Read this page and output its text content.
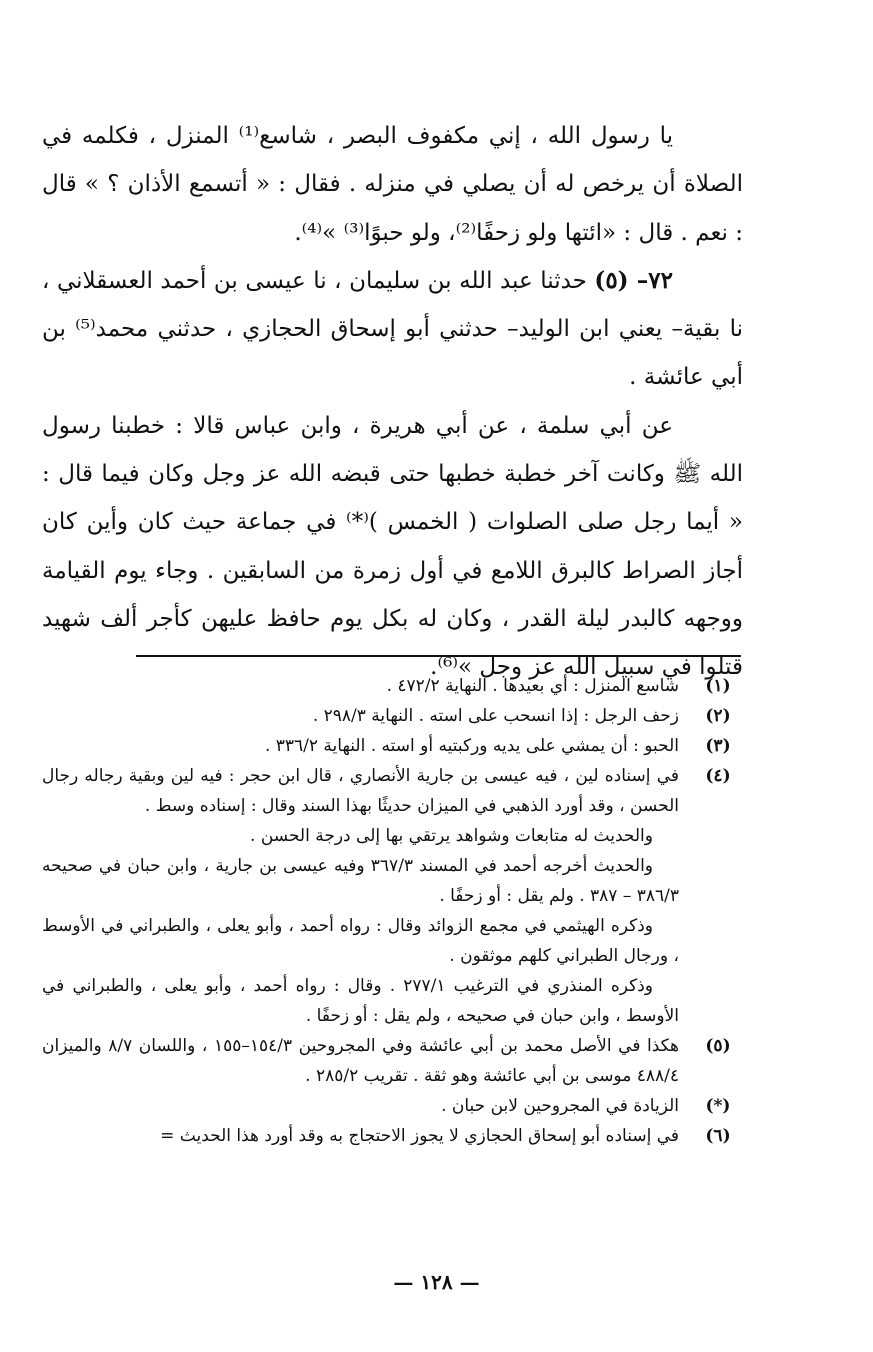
يا رسول الله ، إني مكفوف البصر ، شاسع⁽¹⁾ المنزل ، فكلمه في الصلاة أن يرخص له أن يصلي في منزله . فقال : « أتسمع الأذان ؟ » قال : نعم . قال : «ائتها ولو زحفًا⁽²⁾، ولو حبوًا⁽³⁾ »⁽⁴⁾.

٧٢– (٥) حدثنا عبد الله بن سليمان ، نا عيسى بن أحمد العسقلاني ، نا بقية– يعني ابن الوليد– حدثني أبو إسحاق الحجازي ، حدثني محمد⁽⁵⁾ بن أبي عائشة .

عن أبي سلمة ، عن أبي هريرة ، وابن عباس قالا : خطبنا رسول الله ﷺ وكانت آخر خطبة خطبها حتى قبضه الله عز وجل وكان فيما قال : « أيما رجل صلى الصلوات ( الخمس )⁽*⁾ في جماعة حيث كان وأين كان أجاز الصراط كالبرق اللامع في أول زمرة من السابقين . وجاء يوم القيامة ووجهه كالبدر ليلة القدر ، وكان له بكل يوم حافظ عليهن كأجر ألف شهيد قتلوا في سبيل الله عز وجل »⁽⁶⁾.

(١)
شاسع المنزل : أي بعيدها . النهاية ٤٧٢/٢ .

(٢)
زحف الرجل : إذا انسحب على استه . النهاية ٢٩٨/٣ .

(٣)
الحبو : أن يمشي على يديه وركبتيه أو استه . النهاية ٣٣٦/٢ .

(٤)
في إسناده لين ، فيه عيسى بن جارية الأنصاري ، قال ابن حجر : فيه لين وبقية رجاله رجال الحسن ، وقد أورد الذهبي في الميزان حديثًا بهذا السند وقال : إسناده وسط .

والحديث له متابعات وشواهد يرتقي بها إلى درجة الحسن .

والحديث أخرجه أحمد في المسند ٣٦٧/٣ وفيه عيسى بن جارية ، وابن حبان في صحيحه ٣٨٦/٣ – ٣٨٧ . ولم يقل : أو زحفًا .

وذكره الهيثمي في مجمع الزوائد وقال : رواه أحمد ، وأبو يعلى ، والطبراني في الأوسط ، ورجال الطبراني كلهم موثقون .

وذكره المنذري في الترغيب ٢٧٧/١ . وقال : رواه أحمد ، وأبو يعلى ، والطبراني في الأوسط ، وابن حبان في صحيحه ، ولم يقل : أو زحفًا .

(٥)
هكذا في الأصل محمد بن أبي عائشة وفي المجروحين ١٥٤/٣–١٥٥ ، واللسان ٨/٧ والميزان ٤٨٨/٤ موسى بن أبي عائشة وهو ثقة . تقريب ٢٨٥/٢ .

(*)
الزيادة في المجروحين لابن حبان .

(٦)
في إسناده أبو إسحاق الحجازي لا يجوز الاحتجاج به وقد أورد هذا الحديث =

— ١٢٨ —
